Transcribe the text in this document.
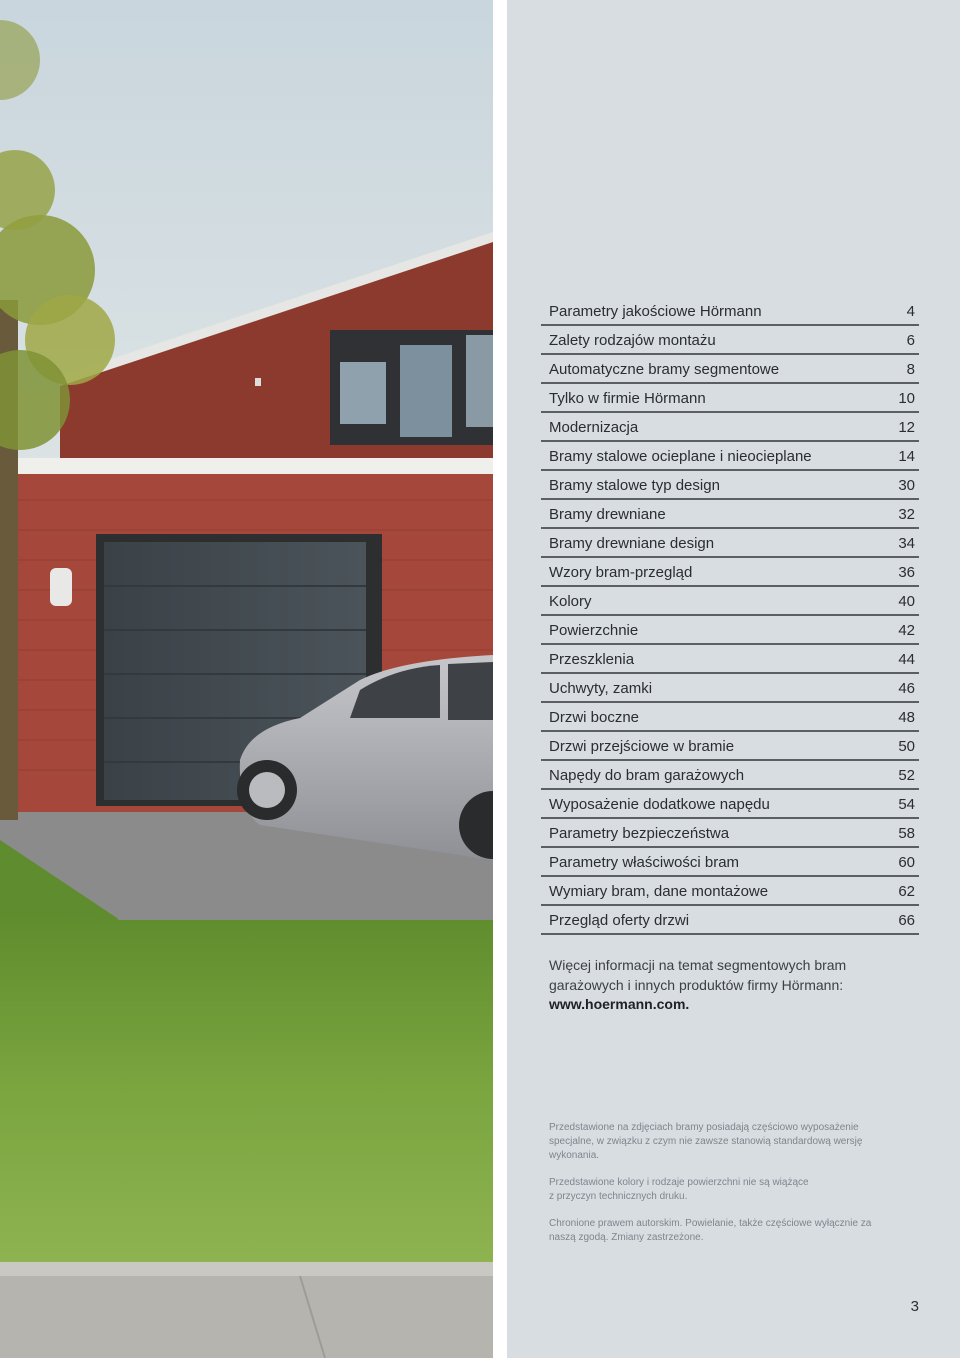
Parametry jakościowe Hörmann	4
Zalety rodzajów montażu	6
Automatyczne bramy segmentowe	8
Tylko w firmie Hörmann	10
Modernizacja	12
Bramy stalowe ocieplane i nieocieplane	14
Bramy stalowe typ design	30
Bramy drewniane	32
Bramy drewniane design	34
Wzory bram-przegląd	36
Kolory	40
Powierzchnie	42
Przeszklenia	44
Uchwyty, zamki	46
Drzwi boczne	48
Drzwi przejściowe w bramie	50
Napędy do bram garażowych	52
Wyposażenie dodatkowe napędu	54
Parametry bezpieczeństwa	58
Parametry właściwości bram	60
Wymiary bram, dane montażowe	62
Przegląd oferty drzwi	66
Więcej informacji na temat segmentowych bram
garażowych i innych produktów firmy Hörmann:
www.hoermann.com.
Przedstawione na zdjęciach bramy posiadają częściowo wyposażenie
specjalne, w związku z czym nie zawsze stanowią standardową wersję
wykonania.
Przedstawione kolory i rodzaje powierzchni nie są wiążące
z przyczyn technicznych druku.
Chronione prawem autorskim. Powielanie, także częściowe wyłącznie za
naszą zgodą. Zmiany zastrzeżone.
3
